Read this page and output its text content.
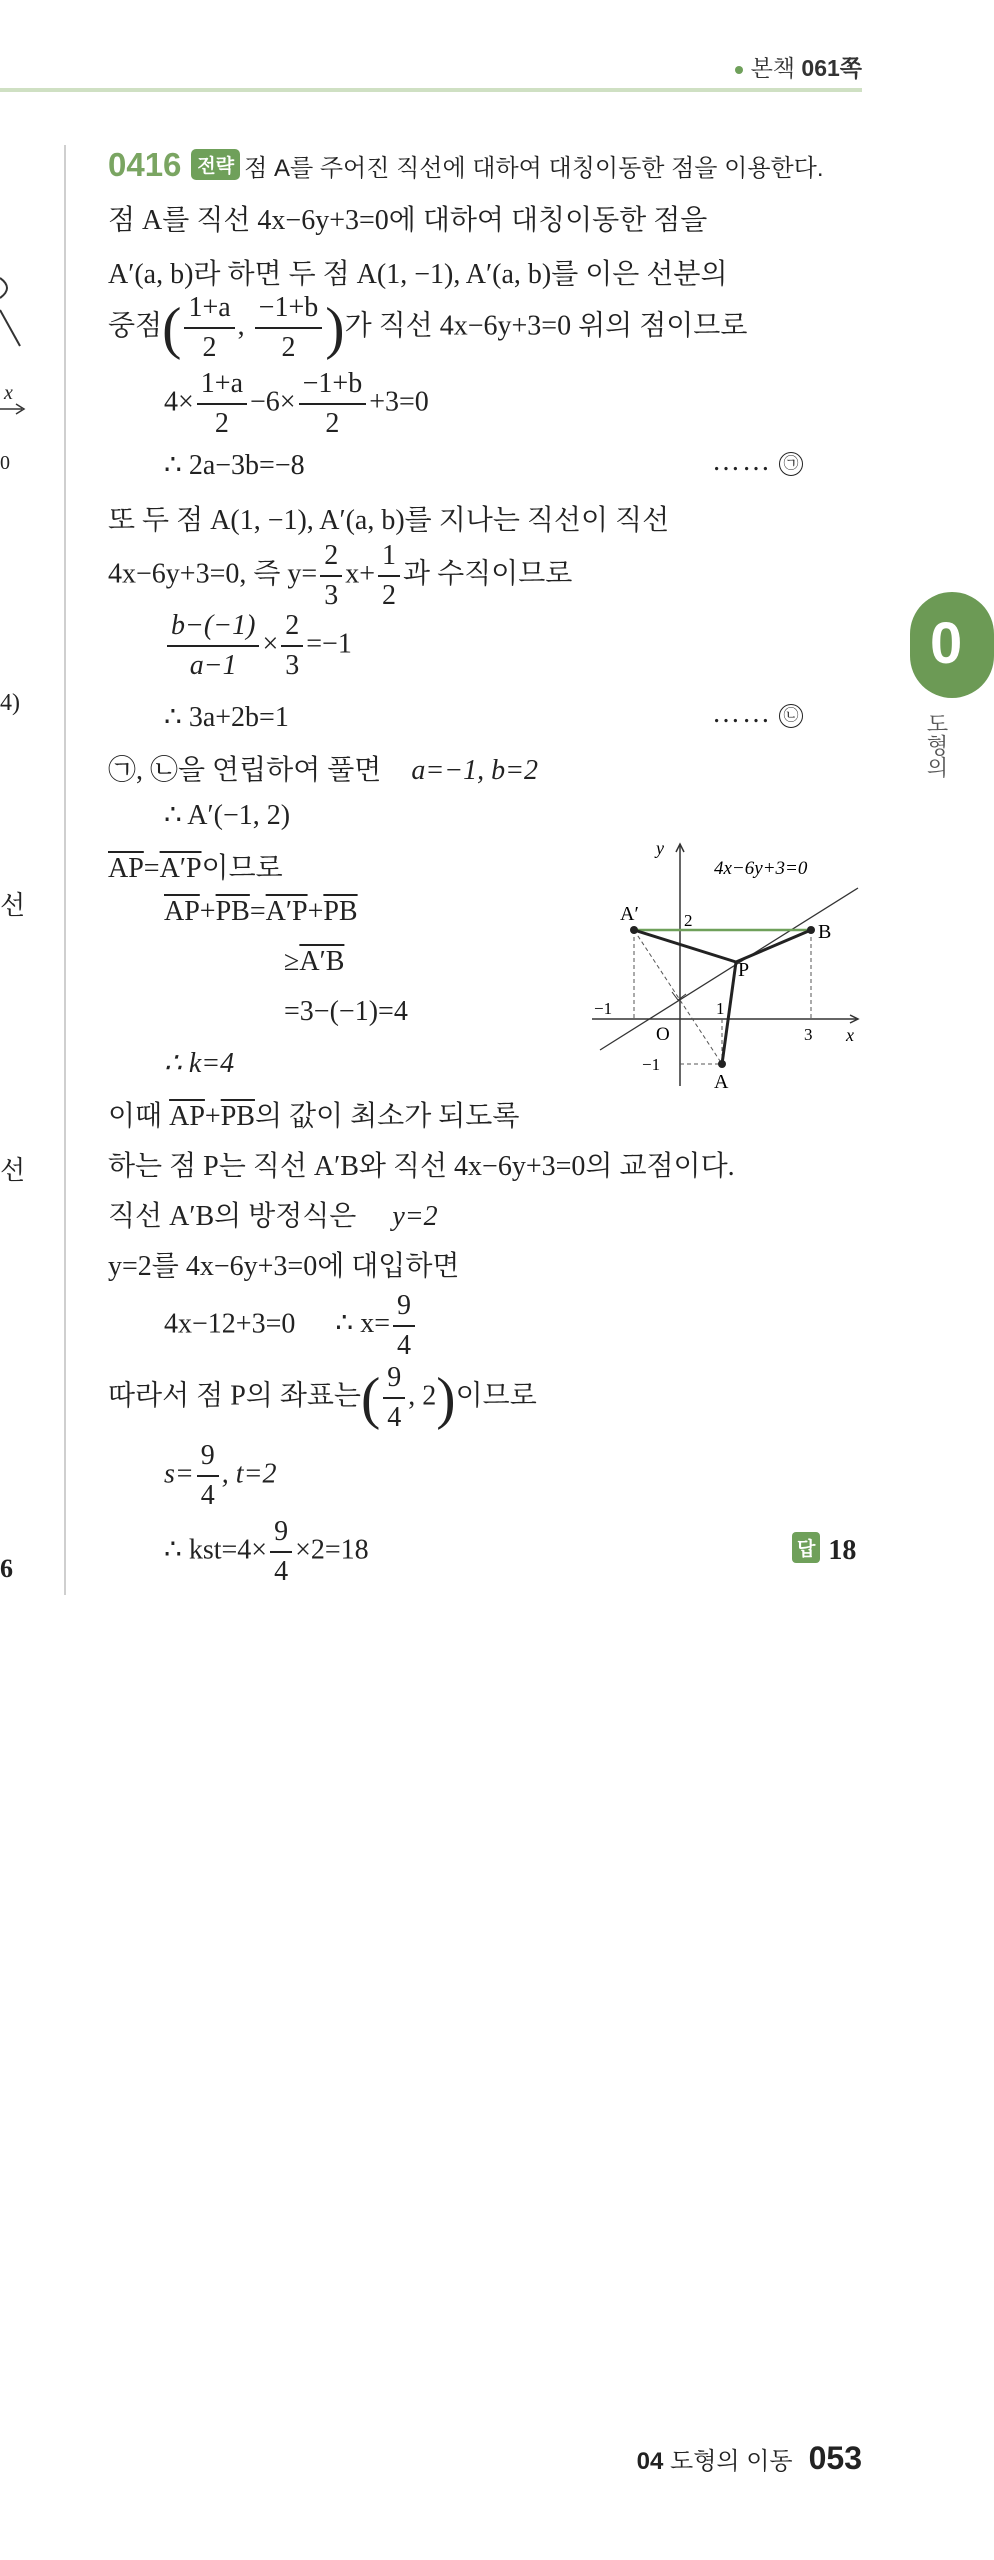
본책 061쪽
x
0
4)
선
선
6
0
도형의
0416 전략 점 A를 주어진 직선에 대하여 대칭이동한 점을 이용한다.
점 A를 직선 4x−6y+3=0에 대하여 대칭이동한 점을
A′(a, b)라 하면 두 점 A(1, −1), A′(a, b)를 이은 선분의
중점( $\frac{1+a}{2}$ , $\frac{-1+b}{2}$ )가 직선 4x−6y+3=0 위의 점이므로
$4\times \frac{1+a}{2} -6\times \frac{-1+b}{2} +3=0$
∴ 2a−3b=−8	…… ㉠
또 두 점 A(1, −1), A′(a, b)를 지나는 직선이 직선
4x−6y+3=0, 즉 $y= \frac{2}{3} x+ \frac{1}{2}$ 과 수직이므로
$\frac{b-(-1)}{a-1} \times \frac{2}{3} =-1$
∴ 3a+2b=1	…… ㉡
㉠, ㉡을 연립하여 풀면 a=−1, b=2
∴ A′(−1, 2)
$\overline{AP}=A'P$이므로
$\overline{AP}+\overline{PB}=A'P+\overline{PB}$
≥A′B
=3−(−1)=4
∴ k=4
이때 $\overline{AP}+\overline{PB}$의 값이 최소가 되도록
하는 점 P는 직선 A′B와 직선 4x−6y+3=0의 교점이다.
직선 A′B의 방정식은 y=2
y=2를 4x−6y+3=0에 대입하면
4x−12+3=0 ∴ $x= \frac{9}{4}$
따라서 점 P의 좌표는( $\frac{9}{4}$ , 2)이므로
$s= \frac{9}{4}$ , t=2
∴ $kst=4\times \frac{9}{4} \times 2=18$	답 18
4x−6y+3=0
y
x
O
A′
B
P
A
2
1
3
−1
−1
04 도형의 이동 053
